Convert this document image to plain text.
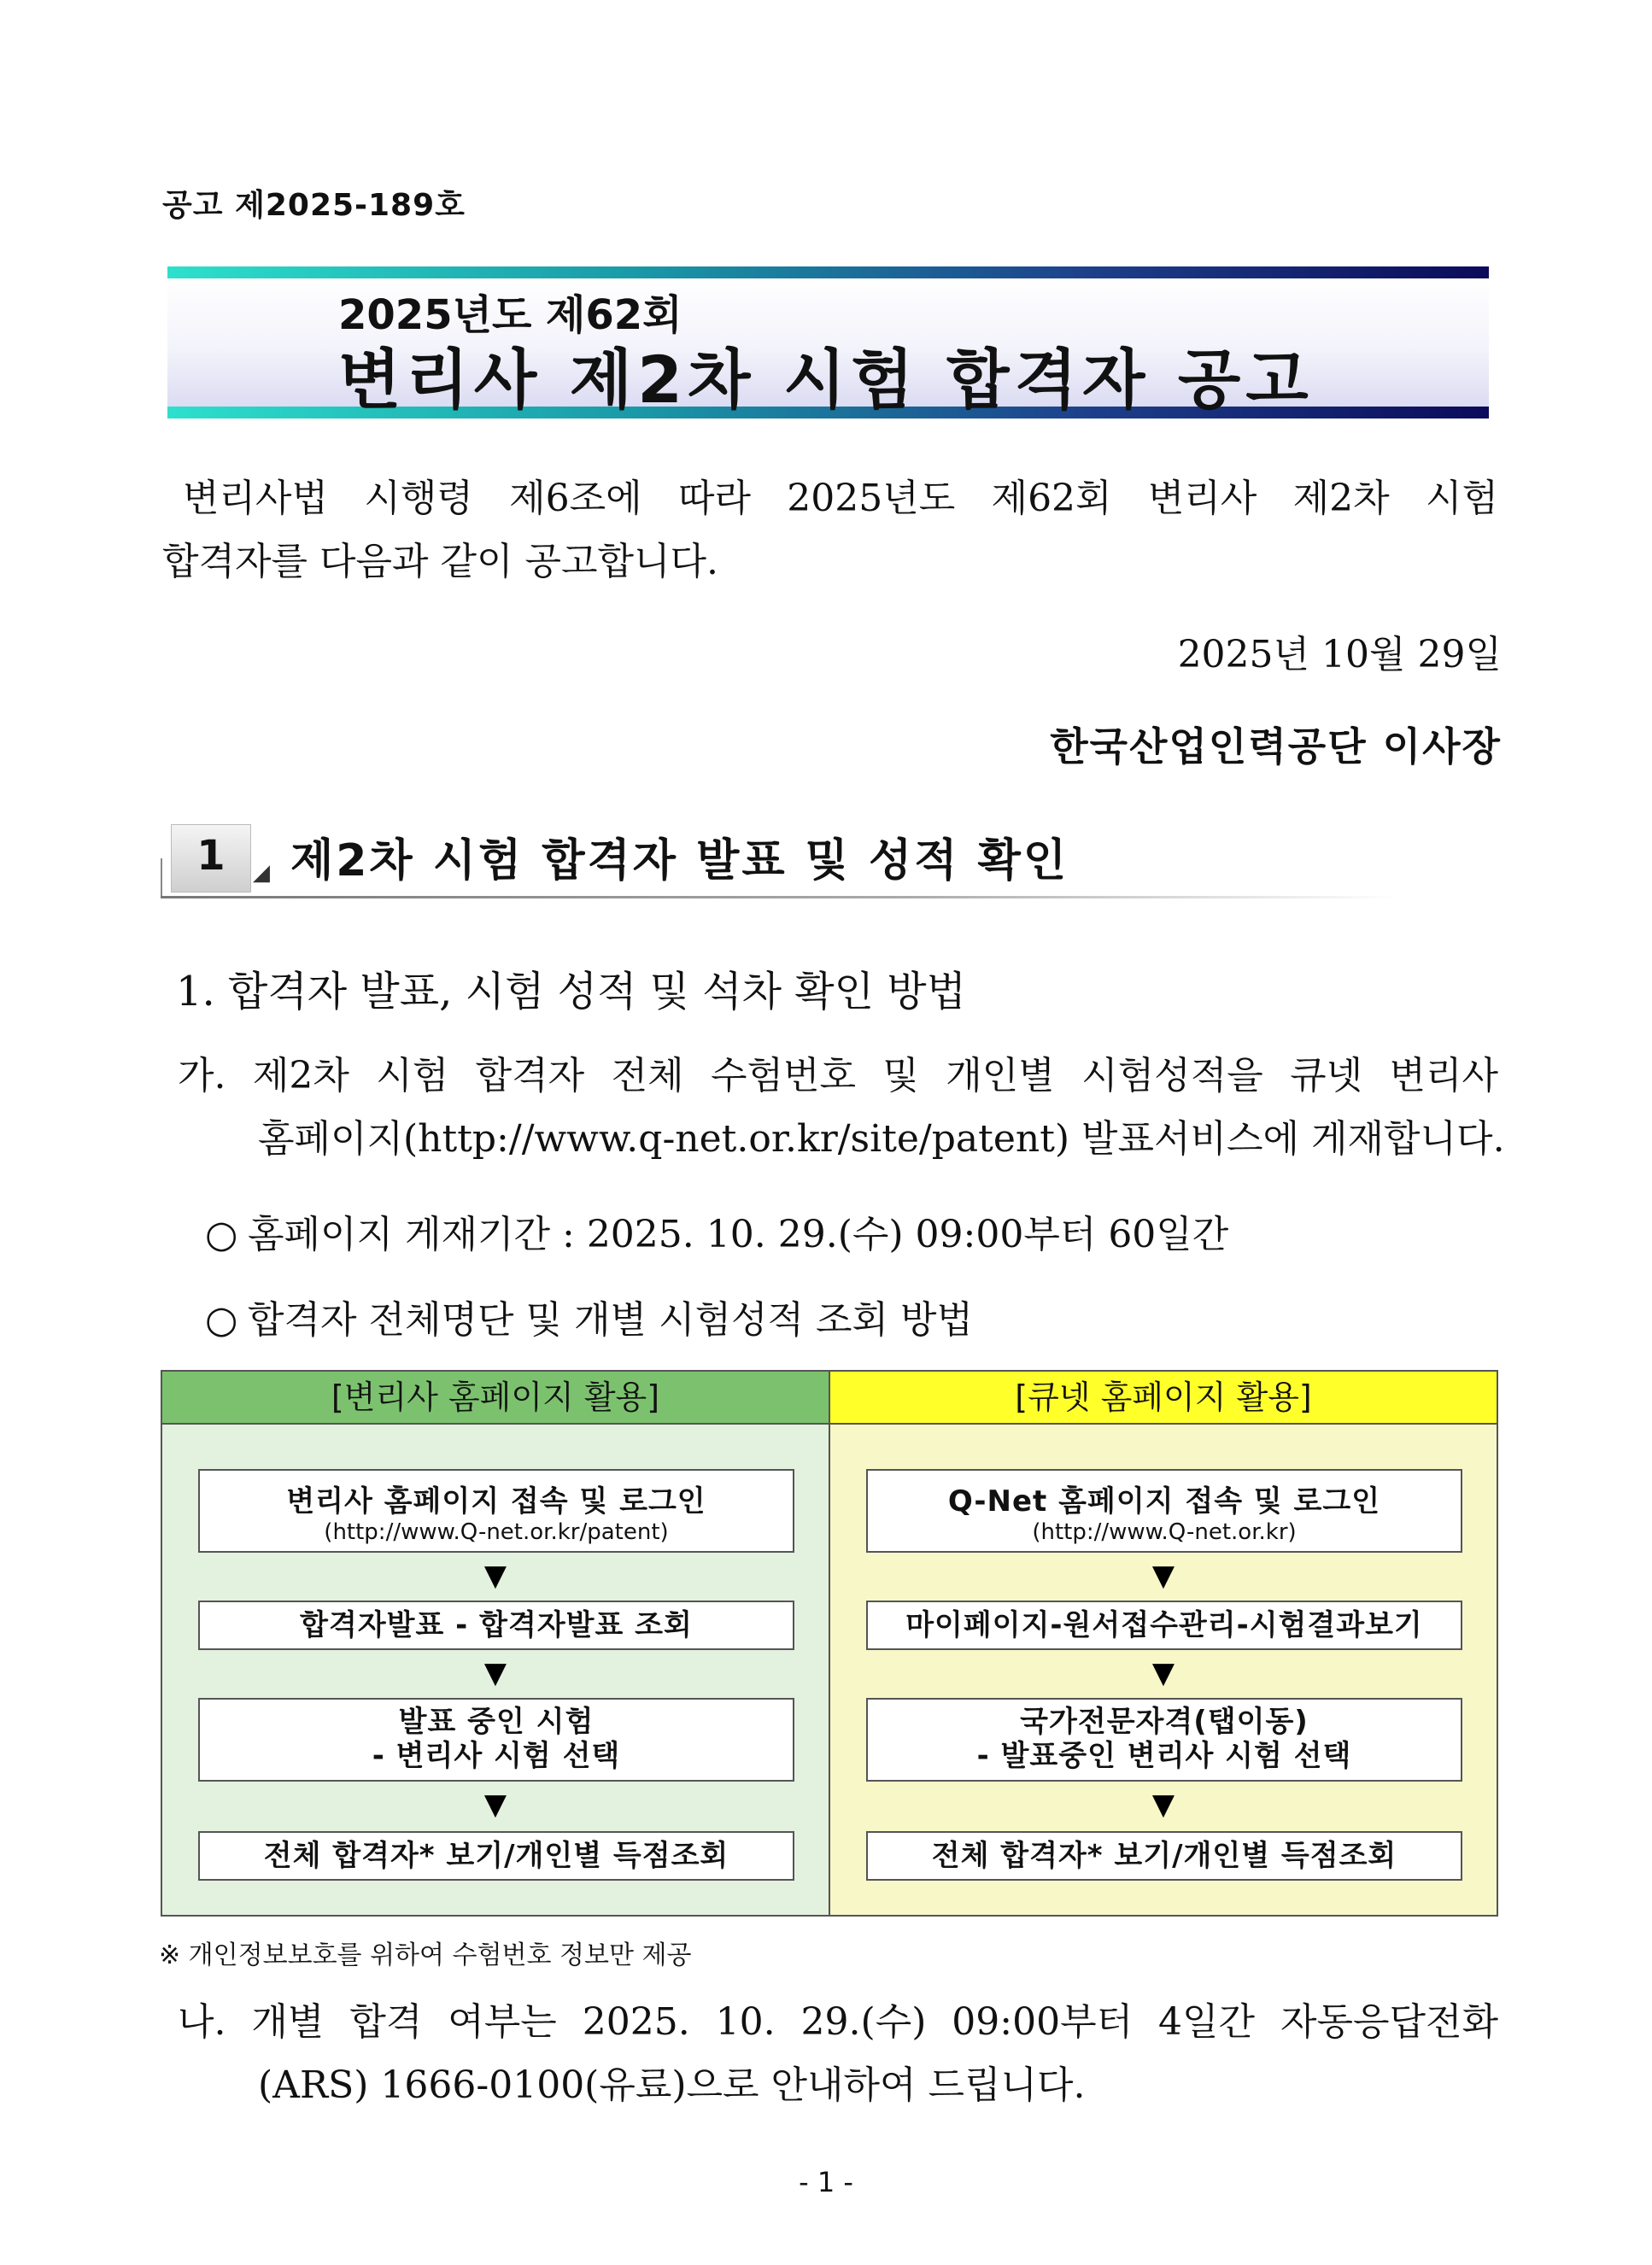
공고 제2025-189호
2025년도 제62회
변리사 제2차 시험 합격자 공고
변리사법 시행령 제6조에 따라 2025년도 제62회 변리사 제2차 시험
합격자를 다음과 같이 공고합니다.
2025년 10월 29일
한국산업인력공단 이사장
1	◢ 제2차 시험 합격자 발표 및 성적 확인
1. 합격자 발표, 시험 성적 및 석차 확인 방법
가. 제2차 시험 합격자 전체 수험번호 및 개인별 시험성적을 큐넷 변리사
홈페이지(http://www.q-net.or.kr/site/patent) 발표서비스에 게재합니다.
○ 홈페이지 게재기간 : 2025. 10. 29.(수) 09:00부터 60일간
○ 합격자 전체명단 및 개별 시험성적 조회 방법
[변리사 홈페이지 활용]
변리사 홈페이지 접속 및 로그인
(http://www.Q-net.or.kr/patent)
▼
합격자발표 - 합격자발표 조회
▼
발표 중인 시험
- 변리사 시험 선택
▼
전체 합격자* 보기/개인별 득점조회
[큐넷 홈페이지 활용]
Q-Net 홈페이지 접속 및 로그인
(http://www.Q-net.or.kr)
▼
마이페이지-원서접수관리-시험결과보기
▼
국가전문자격(탭이동)
- 발표중인 변리사 시험 선택
▼
전체 합격자* 보기/개인별 득점조회
※ 개인정보보호를 위하여 수험번호 정보만 제공
나. 개별 합격 여부는 2025. 10. 29.(수) 09:00부터 4일간 자동응답전화
(ARS) 1666-0100(유료)으로 안내하여 드립니다.
- 1 -
